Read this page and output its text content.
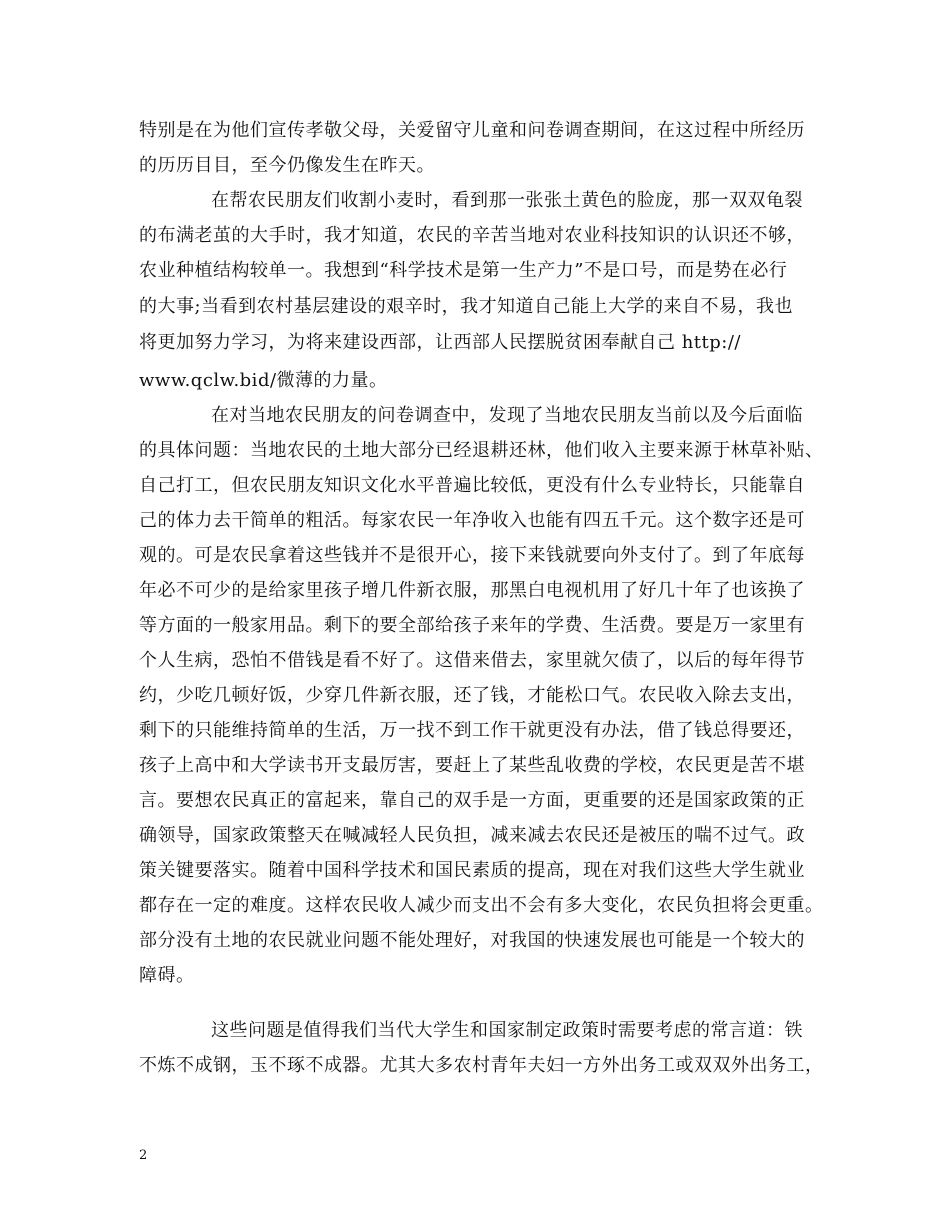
特别是在为他们宣传孝敬父母，关爱留守儿童和问卷调查期间，在这过程中所经历
的历历目目，至今仍像发生在昨天。
在帮农民朋友们收割小麦时，看到那一张张土黄色的脸庞，那一双双龟裂
的布满老茧的大手时，我才知道，农民的辛苦当地对农业科技知识的认识还不够，
农业种植结构较单一。我想到“科学技术是第一生产力”不是口号，而是势在必行
的大事;当看到农村基层建设的艰辛时，我才知道自己能上大学的来自不易，我也
将更加努力学习，为将来建设西部，让西部人民摆脱贫困奉献自己 http://
www.qclw.bid/微薄的力量。
在对当地农民朋友的问卷调查中，发现了当地农民朋友当前以及今后面临
的具体问题：当地农民的土地大部分已经退耕还林，他们收入主要来源于林草补贴、
自己打工，但农民朋友知识文化水平普遍比较低，更没有什么专业特长，只能靠自
己的体力去干简单的粗活。每家农民一年净收入也能有四五千元。这个数字还是可
观的。可是农民拿着这些钱并不是很开心，接下来钱就要向外支付了。到了年底每
年必不可少的是给家里孩子增几件新衣服，那黑白电视机用了好几十年了也该换了
等方面的一般家用品。剩下的要全部给孩子来年的学费、生活费。要是万一家里有
个人生病，恐怕不借钱是看不好了。这借来借去，家里就欠债了，以后的每年得节
约，少吃几顿好饭，少穿几件新衣服，还了钱，才能松口气。农民收入除去支出，
剩下的只能维持简单的生活，万一找不到工作干就更没有办法，借了钱总得要还，
孩子上高中和大学读书开支最厉害，要赶上了某些乱收费的学校，农民更是苦不堪
言。要想农民真正的富起来，靠自己的双手是一方面，更重要的还是国家政策的正
确领导，国家政策整天在喊减轻人民负担，减来减去农民还是被压的喘不过气。政
策关键要落实。随着中国科学技术和国民素质的提高，现在对我们这些大学生就业
都存在一定的难度。这样农民收人减少而支出不会有多大变化，农民负担将会更重。
部分没有土地的农民就业问题不能处理好，对我国的快速发展也可能是一个较大的
障碍。
这些问题是值得我们当代大学生和国家制定政策时需要考虑的常言道：铁
不炼不成钢，玉不琢不成器。尤其大多农村青年夫妇一方外出务工或双双外出务工，
2
